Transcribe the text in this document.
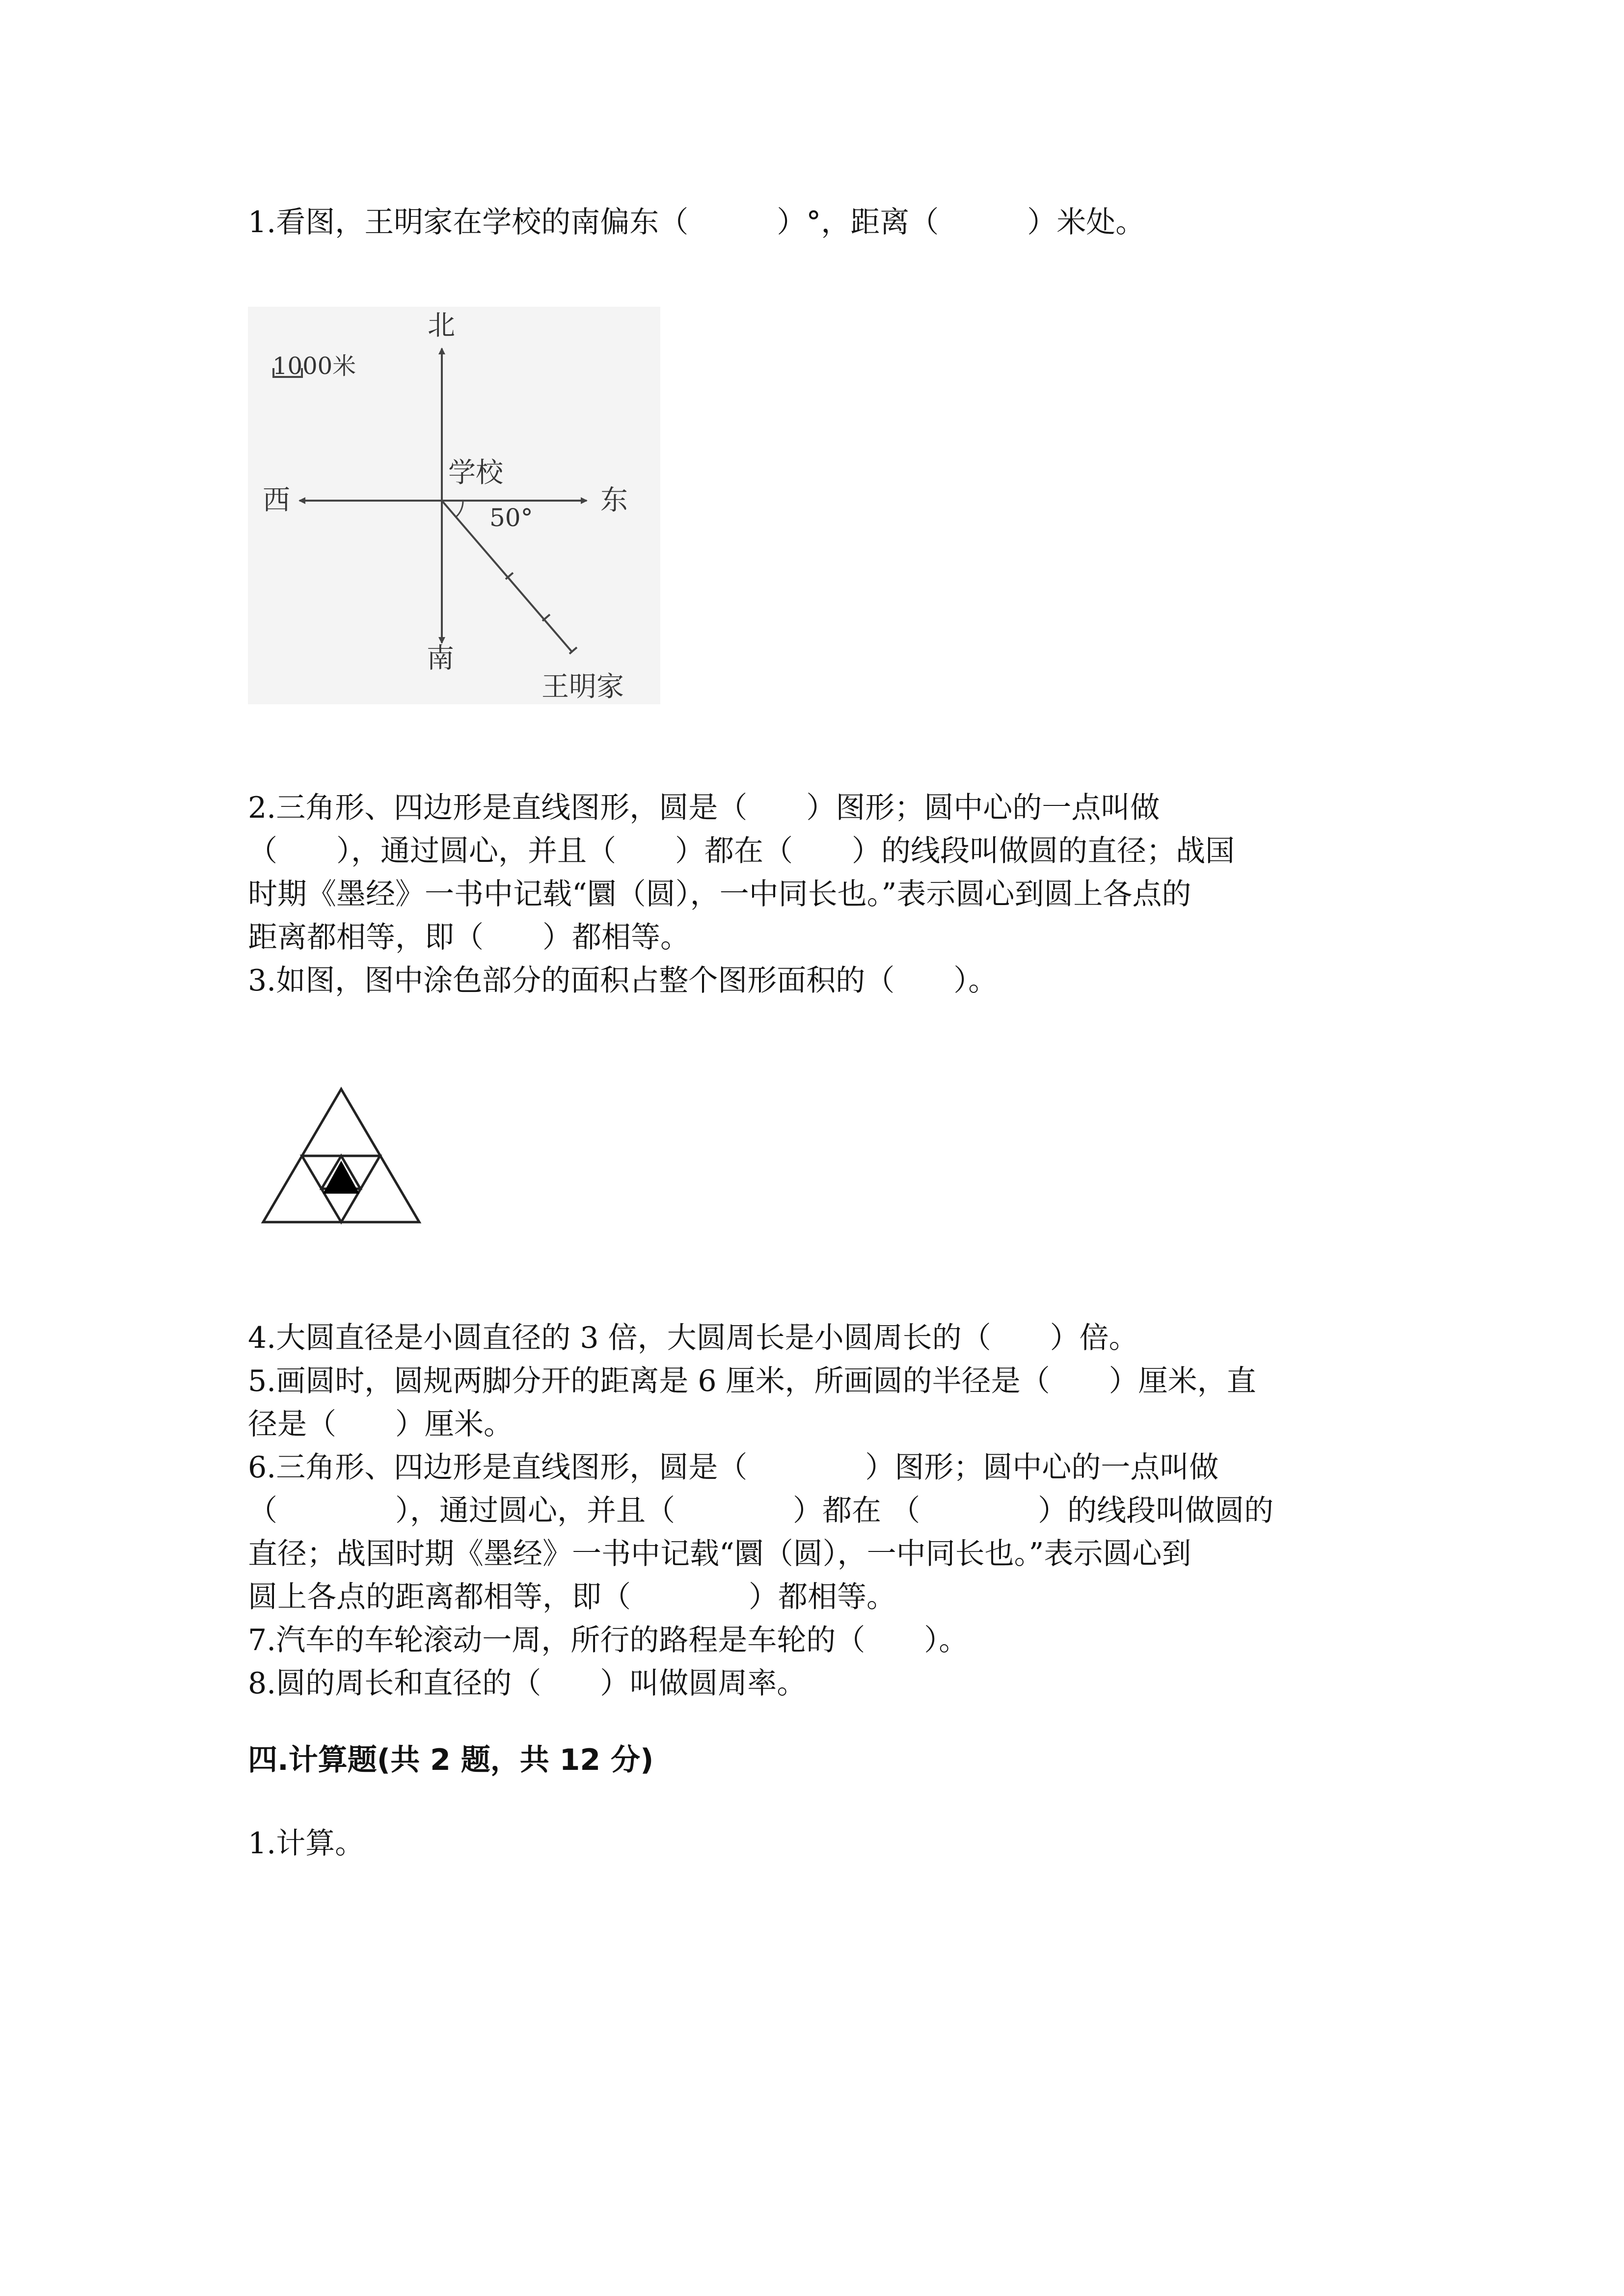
1.看图，王明家在学校的南偏东（　　　）°，距离（　　　）米处。
1000米
北
南
西	东
学校
50°
王明家
2.三角形、四边形是直线图形，圆是（　　）图形；圆中心的一点叫做
（　　），通过圆心，并且（　　）都在（　　）的线段叫做圆的直径；战国
时期《墨经》一书中记载“圜（圆），一中同长也。”表示圆心到圆上各点的
距离都相等，即（　　）都相等。
3.如图，图中涂色部分的面积占整个图形面积的（　　）。
4.大圆直径是小圆直径的 3 倍，大圆周长是小圆周长的（　　）倍。
5.画圆时，圆规两脚分开的距离是 6 厘米，所画圆的半径是（　　）厘米，直
径是（　　）厘米。
6.三角形、四边形是直线图形，圆是（　　　　）图形；圆中心的一点叫做
（　　　　），通过圆心，并且（　　　　）都在 （　　　　）的线段叫做圆的
直径；战国时期《墨经》一书中记载“圜（圆），一中同长也。”表示圆心到
圆上各点的距离都相等，即（　　　　）都相等。
7.汽车的车轮滚动一周，所行的路程是车轮的（　　）。
8.圆的周长和直径的（　　）叫做圆周率。
四.计算题(共 2 题，共 12 分)
1.计算。
